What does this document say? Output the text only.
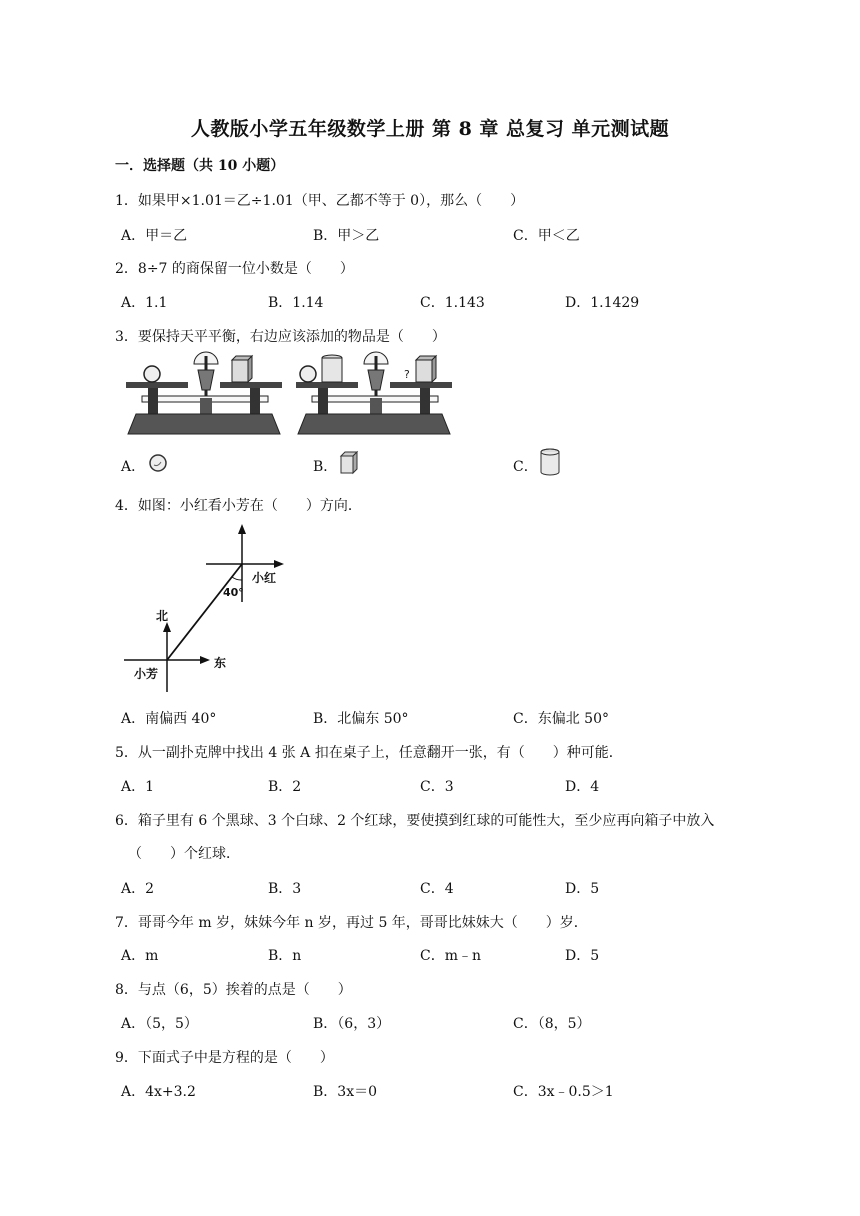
人教版小学五年级数学上册 第 8 章 总复习 单元测试题
一．选择题（共 10 小题）
1．如果甲×1.01＝乙÷1.01（甲、乙都不等于 0），那么（　　）
A．甲＝乙	B．甲＞乙	C．甲＜乙
2．8÷7 的商保留一位小数是（　　）
A．1.1	B．1.14	C．1.143	D．1.1429
3．要保持天平平衡，右边应该添加的物品是（　　）
?
A．	B．	C．
4．如图：小红看小芳在（　　）方向．
40°
小红
北
东
小芳
A．南偏西 40°	B．北偏东 50°	C．东偏北 50°
5．从一副扑克牌中找出 4 张 A 扣在桌子上，任意翻开一张，有（　　）种可能．
A．1	B．2	C．3	D．4
6．箱子里有 6 个黑球、3 个白球、2 个红球，要使摸到红球的可能性大，至少应再向箱子中放入
（　　）个红球．
A．2	B．3	C．4	D．5
7．哥哥今年 m 岁，妹妹今年 n 岁，再过 5 年，哥哥比妹妹大（　　）岁．
A．m	B．n	C．m﹣n	D．5
8．与点（6，5）挨着的点是（　　）
A．（5，5）	B．（6，3）	C．（8，5）
9．下面式子中是方程的是（　　）
A．4x+3.2	B．3x＝0	C．3x﹣0.5＞1
